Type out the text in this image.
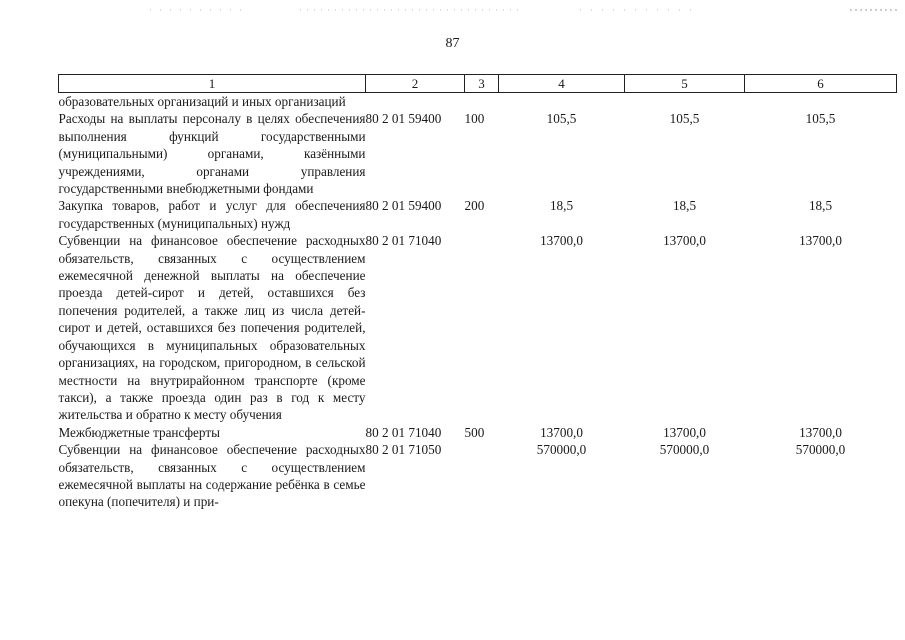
87
1	2	3	4	5	6
образовательных организаций и иных организаций					
Расходы на выплаты персоналу в целях обеспечения выполнения функций государственными (муниципальными) органами, казёнными учреждениями, органами управления государственными внебюджетными фондами	80 2 01 59400	100	105,5	105,5	105,5
Закупка товаров, работ и услуг для обеспечения государственных (муниципальных) нужд	80 2 01 59400	200	18,5	18,5	18,5
Субвенции на финансовое обеспечение расходных обязательств, связанных с осуществлением ежемесячной денежной выплаты на обеспечение проезда детей-сирот и детей, оставшихся без попечения родителей, а также лиц из числа детей-сирот и детей, оставшихся без попечения родителей, обучающихся в муниципальных образовательных организациях, на городском, пригородном, в сельской местности на внутрирайонном транспорте (кроме такси), а также проезда один раз в год к месту жительства и обратно к месту обучения	80 2 01 71040		13700,0	13700,0	13700,0
Межбюджетные трансферты	80 2 01 71040	500	13700,0	13700,0	13700,0
Субвенции на финансовое обеспечение расходных обязательств, связанных с осуществлением ежемесячной выплаты на содержание ребёнка в семье опекуна (попечителя) и при-	80 2 01 71050		570000,0	570000,0	570000,0
